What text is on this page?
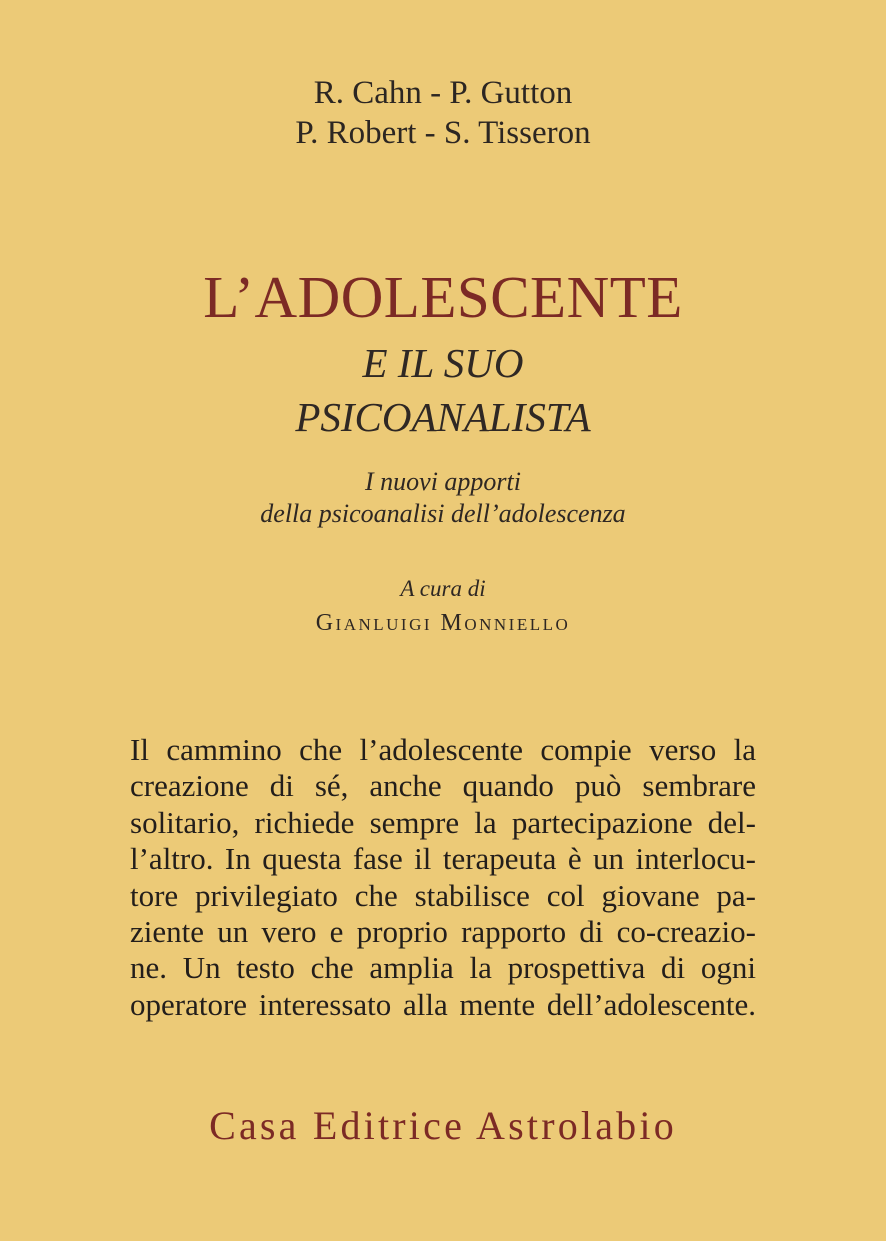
R. Cahn - P. Gutton
P. Robert - S. Tisseron
L’ADOLESCENTE
E IL SUO
PSICOANALISTA
I nuovi apporti
della psicoanalisi dell’adolescenza
A cura di
Gianluigi Monniello
Il cammino che l’adolescente compie verso la
creazione di sé, anche quando può sembrare
solitario, richiede sempre la partecipazione del-
l’altro. In questa fase il terapeuta è un interlocu-
tore privilegiato che stabilisce col giovane pa-
ziente un vero e proprio rapporto di co-creazio-
ne. Un testo che amplia la prospettiva di ogni
operatore interessato alla mente dell’adolescente.
Casa Editrice Astrolabio
